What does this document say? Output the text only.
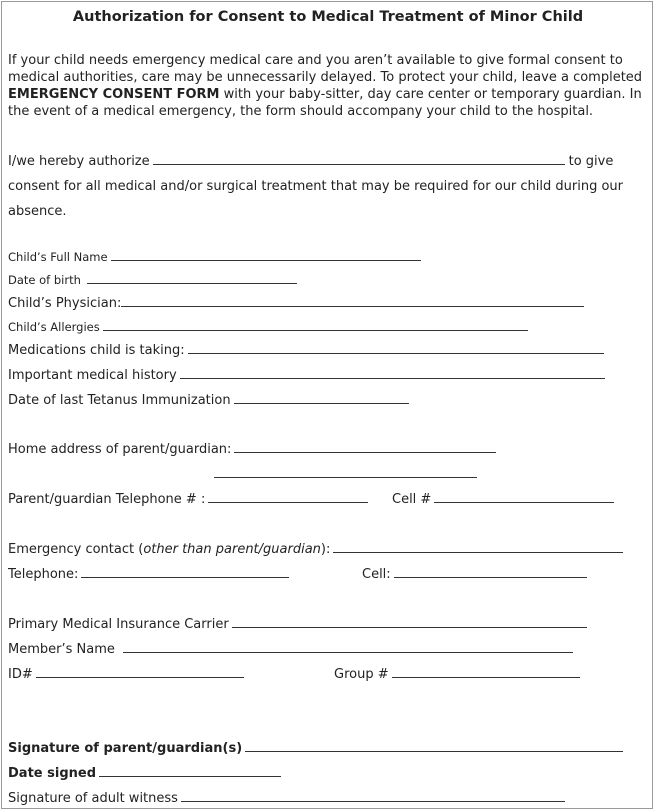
Authorization for Consent to Medical Treatment of Minor Child

If your child needs emergency medical care and you aren’t available to give formal consent to medical authorities, care may be unnecessarily delayed. To protect your child, leave a completed EMERGENCY CONSENT FORM with your baby-sitter, day care center or temporary guardian. In the event of a medical emergency, the form should accompany your child to the hospital.

I/we hereby authorize	to give
consent for all medical and/or surgical treatment that may be required for our child during our
absence.
Child’s Full Name
Date of birth
Child’s Physician:
Child’s Allergies
Medications child is taking:
Important medical history
Date of last Tetanus Immunization
Home address of parent/guardian:
Parent/guardian Telephone # :	Cell #
Emergency contact (other than parent/guardian):
Telephone:	Cell:
Primary Medical Insurance Carrier
Member’s Name
ID#	Group #
Signature of parent/guardian(s)
Date signed
Signature of adult witness
